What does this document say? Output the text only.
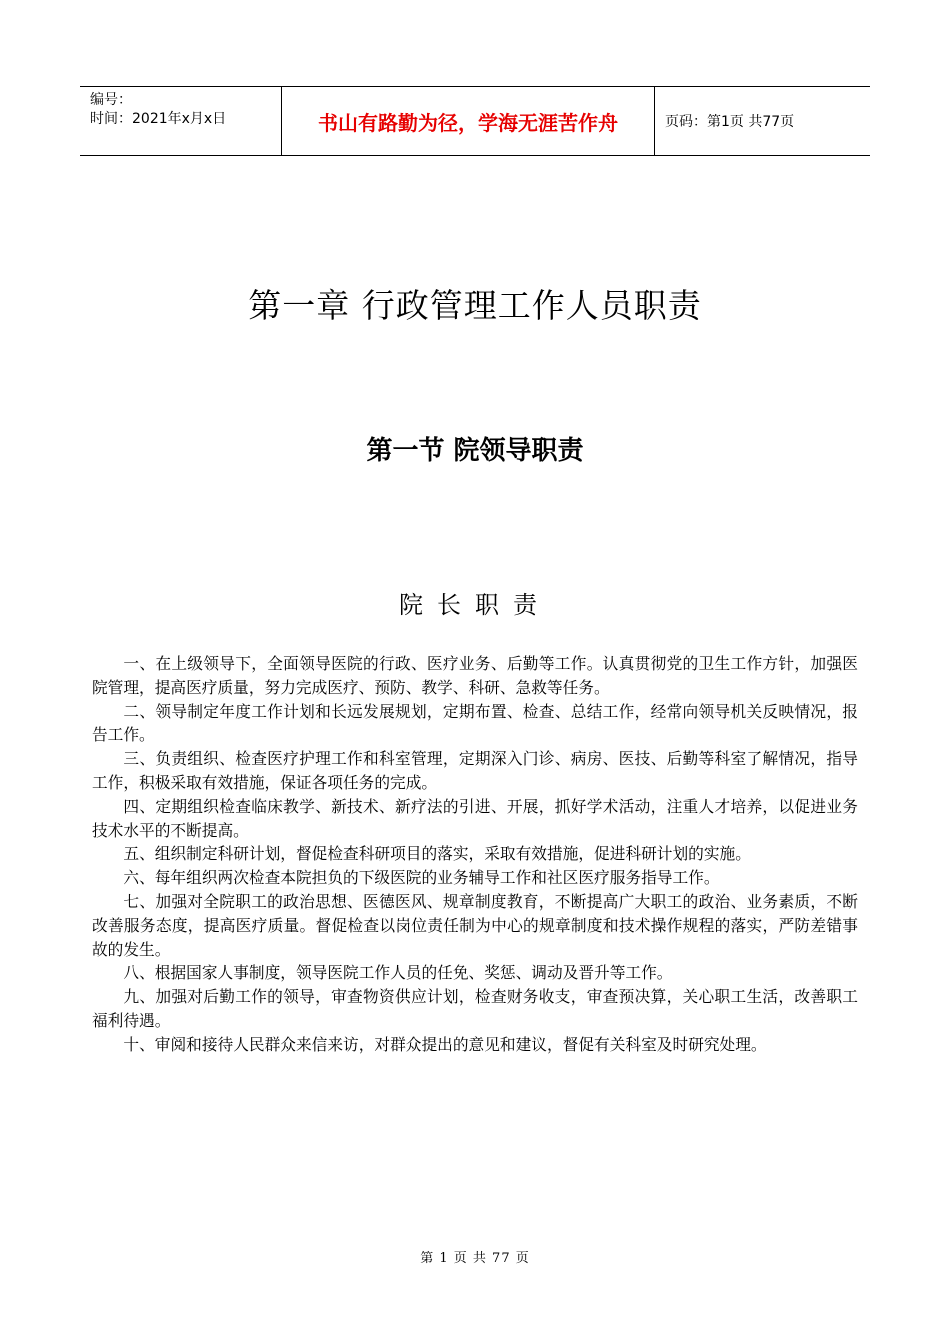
编号：
时间：2021年x月x日	书山有路勤为径，学海无涯苦作舟	页码：第1页 共77页
第一章 行政管理工作人员职责
第一节 院领导职责
院长职责

一、在上级领导下，全面领导医院的行政、医疗业务、后勤等工作。认真贯彻党的卫生工作方针，加强医院管理，提高医疗质量，努力完成医疗、预防、教学、科研、急救等任务。

二、领导制定年度工作计划和长远发展规划，定期布置、检查、总结工作，经常向领导机关反映情况，报告工作。

三、负责组织、检查医疗护理工作和科室管理，定期深入门诊、病房、医技、后勤等科室了解情况，指导工作，积极采取有效措施，保证各项任务的完成。

四、定期组织检查临床教学、新技术、新疗法的引进、开展，抓好学术活动，注重人才培养，以促进业务技术水平的不断提高。

五、组织制定科研计划，督促检查科研项目的落实，采取有效措施，促进科研计划的实施。

六、每年组织两次检查本院担负的下级医院的业务辅导工作和社区医疗服务指导工作。

七、加强对全院职工的政治思想、医德医风、规章制度教育，不断提高广大职工的政治、业务素质，不断改善服务态度，提高医疗质量。督促检查以岗位责任制为中心的规章制度和技术操作规程的落实，严防差错事故的发生。

八、根据国家人事制度，领导医院工作人员的任免、奖惩、调动及晋升等工作。

九、加强对后勤工作的领导，审查物资供应计划，检查财务收支，审查预决算，关心职工生活，改善职工福利待遇。

十、审阅和接待人民群众来信来访，对群众提出的意见和建议，督促有关科室及时研究处理。

第 1 页 共 77 页
